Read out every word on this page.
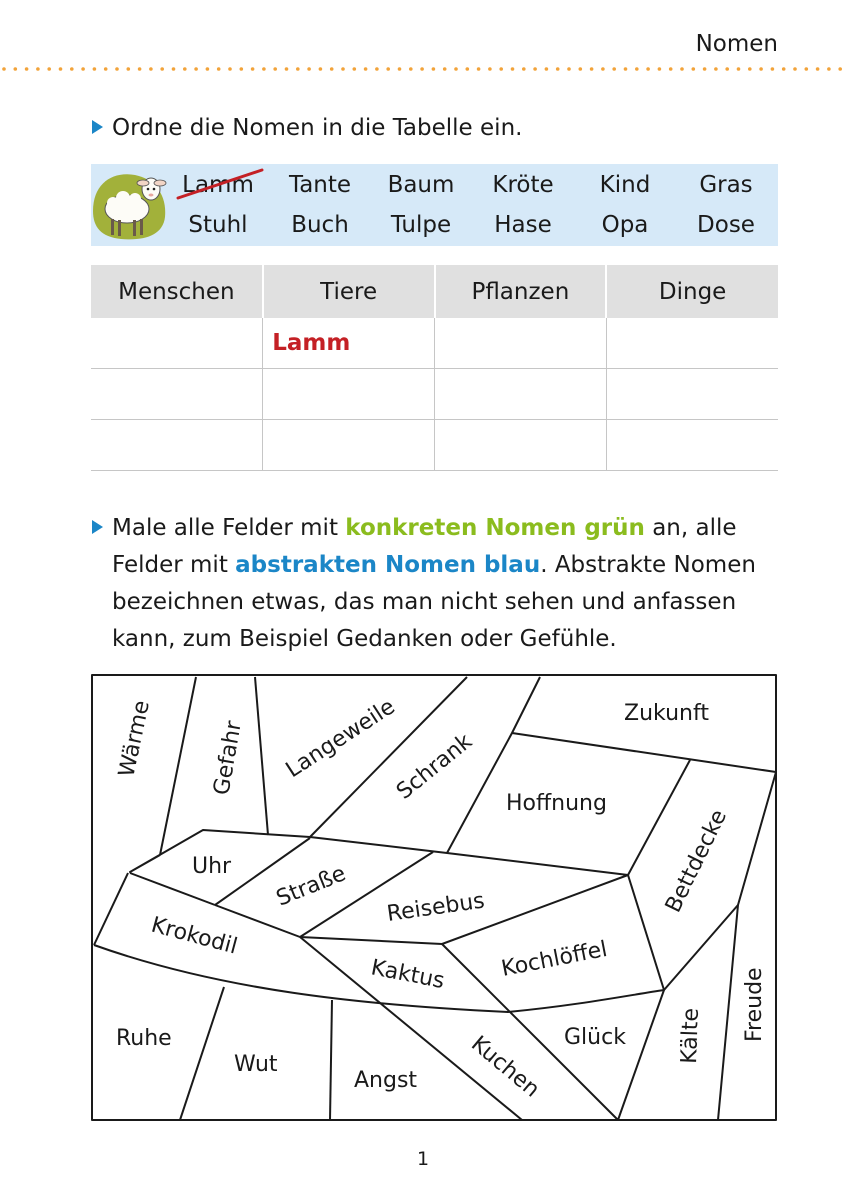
Nomen
Ordne die Nomen in die Tabelle ein.
Lamm	Tante	Baum	Kröte	Kind	Gras
Stuhl	Buch	Tulpe	Hase	Opa	Dose
Menschen	Tiere	Pflanzen	Dinge
	Lamm		

Male alle Felder mit konkreten Nomen grün an, alle
Felder mit abstrakten Nomen blau. Abstrakte Nomen
bezeichnen etwas, das man nicht sehen und anfassen
kann, zum Beispiel Gedanken oder Gefühle.
Wärme Gefahr Langeweile
Schrank
Zukunft
Hoffnung
Bettdecke
Uhr Straße Reisebus
Krokodil
Kaktus Kochlöffel
Freude
Ruhe
Wut
Angst Kuchen Glück Kälte
1
